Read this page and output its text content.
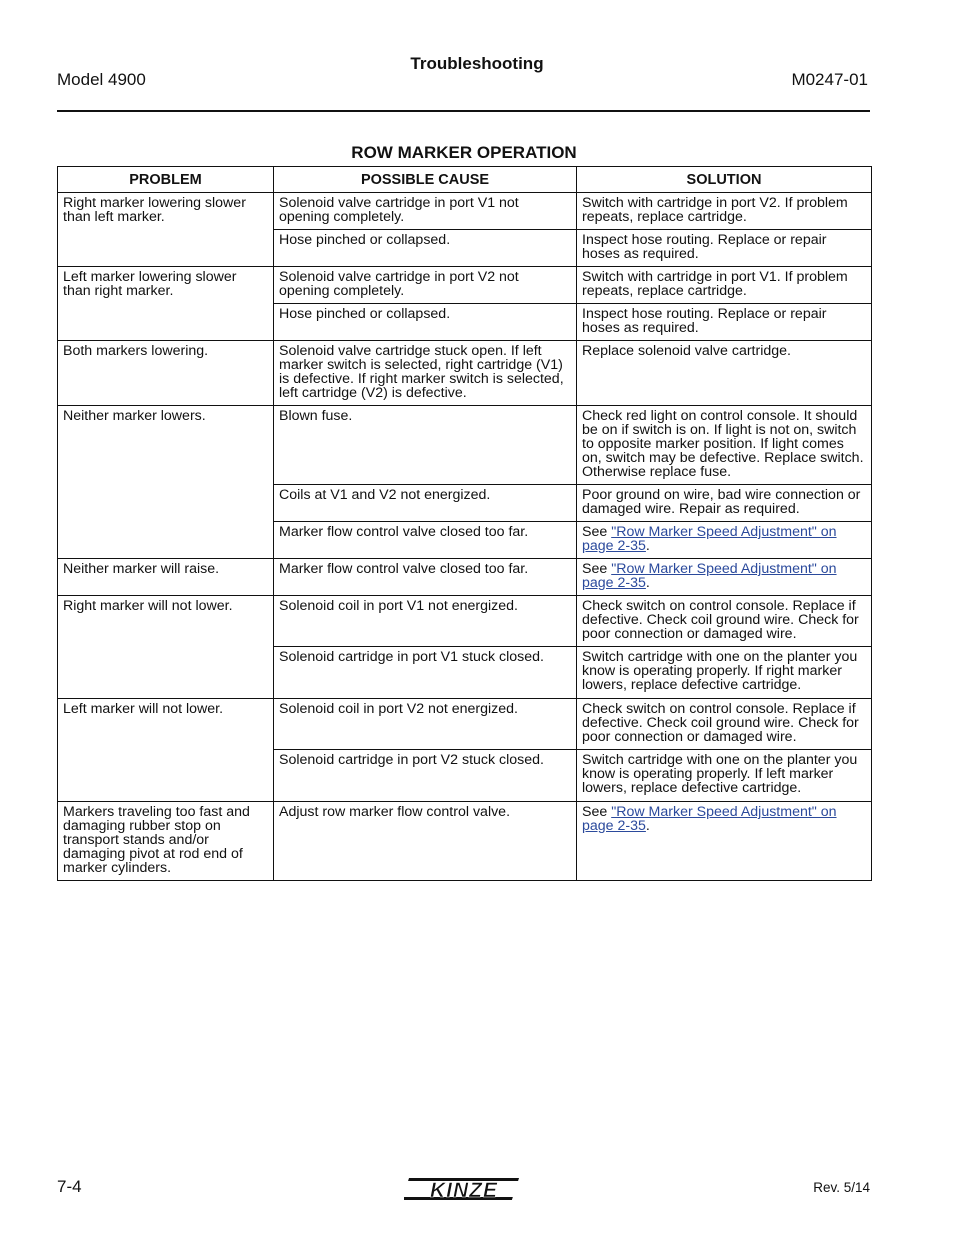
Troubleshooting
Model 4900	M0247-01
ROW MARKER OPERATION
PROBLEM	POSSIBLE CAUSE	SOLUTION
Right marker lowering slower than left marker.	Solenoid valve cartridge in port V1 not opening completely.	Switch with cartridge in port V2. If problem repeats, replace cartridge.
	Hose pinched or collapsed.	Inspect hose routing. Replace or repair hoses as required.
Left marker lowering slower than right marker.	Solenoid valve cartridge in port V2 not opening completely.	Switch with cartridge in port V1. If problem repeats, replace cartridge.
	Hose pinched or collapsed.	Inspect hose routing. Replace or repair hoses as required.
Both markers lowering.	Solenoid valve cartridge stuck open. If left marker switch is selected, right cartridge (V1) is defective. If right marker switch is selected, left cartridge (V2) is defective.	Replace solenoid valve cartridge.
Neither marker lowers.	Blown fuse.	Check red light on control console. It should be on if switch is on. If light is not on, switch to opposite marker position. If light comes on, switch may be defective. Replace switch. Otherwise replace fuse.
	Coils at V1 and V2 not energized.	Poor ground on wire, bad wire connection or damaged wire. Repair as required.
	Marker flow control valve closed too far.	See "Row Marker Speed Adjustment" on page 2-35.
Neither marker will raise.	Marker flow control valve closed too far.	See "Row Marker Speed Adjustment" on page 2-35.
Right marker will not lower.	Solenoid coil in port V1 not energized.	Check switch on control console. Replace if defective. Check coil ground wire. Check for poor connection or damaged wire.
	Solenoid cartridge in port V1 stuck closed.	Switch cartridge with one on the planter you know is operating properly. If right marker lowers, replace defective cartridge.
Left marker will not lower.	Solenoid coil in port V2 not energized.	Check switch on control console. Replace if defective. Check coil ground wire. Check for poor connection or damaged wire.
	Solenoid cartridge in port V2 stuck closed.	Switch cartridge with one on the planter you know is operating properly. If left marker lowers, replace defective cartridge.
Markers traveling too fast and damaging rubber stop on transport stands and/or damaging pivot at rod end of marker cylinders.	Adjust row marker flow control valve.	See "Row Marker Speed Adjustment" on page 2-35.
7-4	KINZE	Rev. 5/14
